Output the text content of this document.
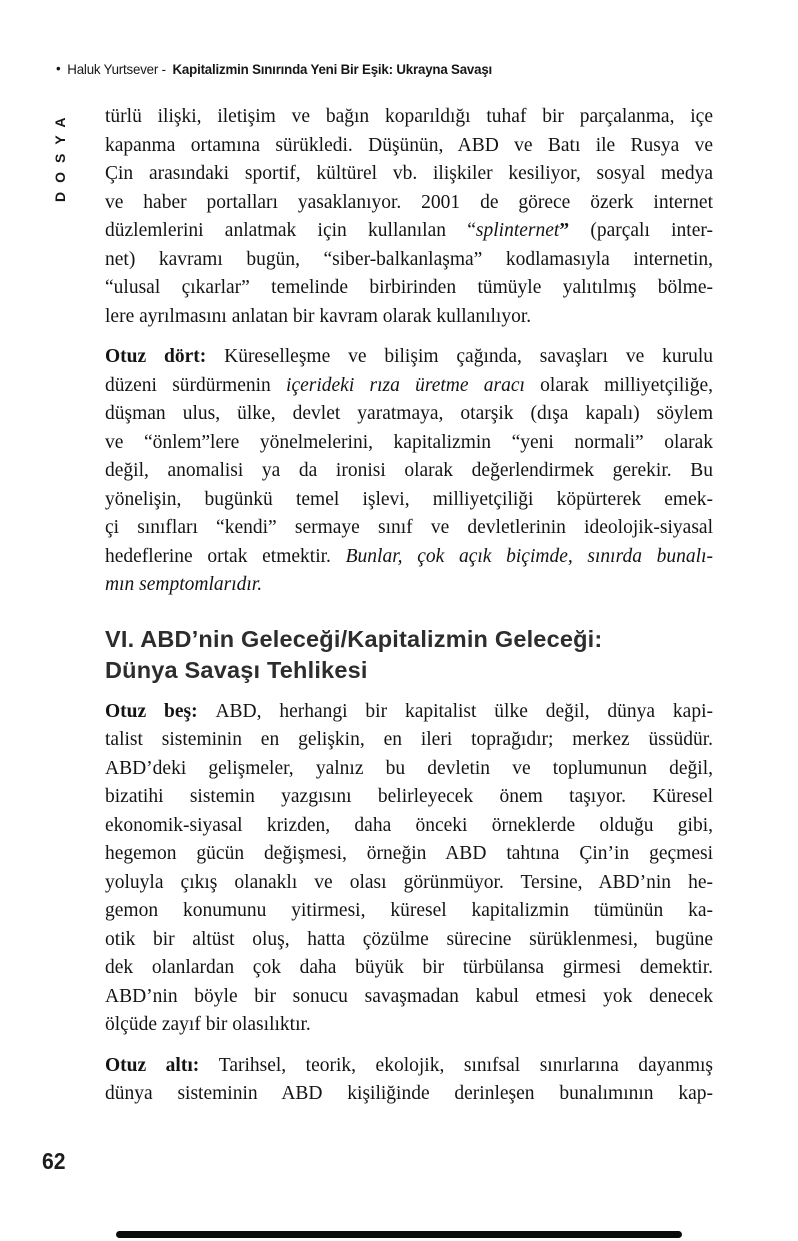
• Haluk Yurtsever - Kapitalizmin Sınırında Yeni Bir Eşik: Ukrayna Savaşı
DOSYA türlü ilişki, iletişim ve bağın koparıldığı tuhaf bir parçalanma, içe
kapanma ortamına sürükledi. Düşünün, ABD ve Batı ile Rusya ve
Çin arasındaki sportif, kültürel vb. ilişkiler kesiliyor, sosyal medya
ve haber portalları yasaklanıyor. 2001 de görece özerk internet
düzlemlerini anlatmak için kullanılan “splinternet” (parçalı inter-
net) kavramı bugün, “siber-balkanlaşma” kodlamasıyla internetin,
“ulusal çıkarlar” temelinde birbirinden tümüyle yalıtılmış bölme-
lere ayrılmasını anlatan bir kavram olarak kullanılıyor.
Otuz dört: Küreselleşme ve bilişim çağında, savaşları ve kurulu
düzeni sürdürmenin içerideki rıza üretme aracı olarak milliyetçiliğe,
düşman ulus, ülke, devlet yaratmaya, otarşik (dışa kapalı) söylem
ve “önlem”lere yönelmelerini, kapitalizmin “yeni normali” olarak
değil, anomalisi ya da ironisi olarak değerlendirmek gerekir. Bu
yönelişin, bugünkü temel işlevi, milliyetçiliği köpürterek emek-
çi sınıfları “kendi” sermaye sınıf ve devletlerinin ideolojik-siyasal
hedeflerine ortak etmektir. Bunlar, çok açık biçimde, sınırda bunalı-
mın semptomlarıdır.
VI. ABD’nin Geleceği/Kapitalizmin Geleceği:
Dünya Savaşı Tehlikesi
Otuz beş: ABD, herhangi bir kapitalist ülke değil, dünya kapi-
talist sisteminin en gelişkin, en ileri toprağıdır; merkez üssüdür.
ABD’deki gelişmeler, yalnız bu devletin ve toplumunun değil,
bizatihi sistemin yazgısını belirleyecek önem taşıyor. Küresel
ekonomik-siyasal krizden, daha önceki örneklerde olduğu gibi,
hegemon gücün değişmesi, örneğin ABD tahtına Çin’in geçmesi
yoluyla çıkış olanaklı ve olası görünmüyor. Tersine, ABD’nin he-
gemon konumunu yitirmesi, küresel kapitalizmin tümünün ka-
otik bir altüst oluş, hatta çözülme sürecine sürüklenmesi, bugüne
dek olanlardan çok daha büyük bir türbülansa girmesi demektir.
ABD’nin böyle bir sonucu savaşmadan kabul etmesi yok denecek
ölçüde zayıf bir olasılıktır.
Otuz altı: Tarihsel, teorik, ekolojik, sınıfsal sınırlarına dayanmış
dünya sisteminin ABD kişiliğinde derinleşen bunalımının kap-
62
